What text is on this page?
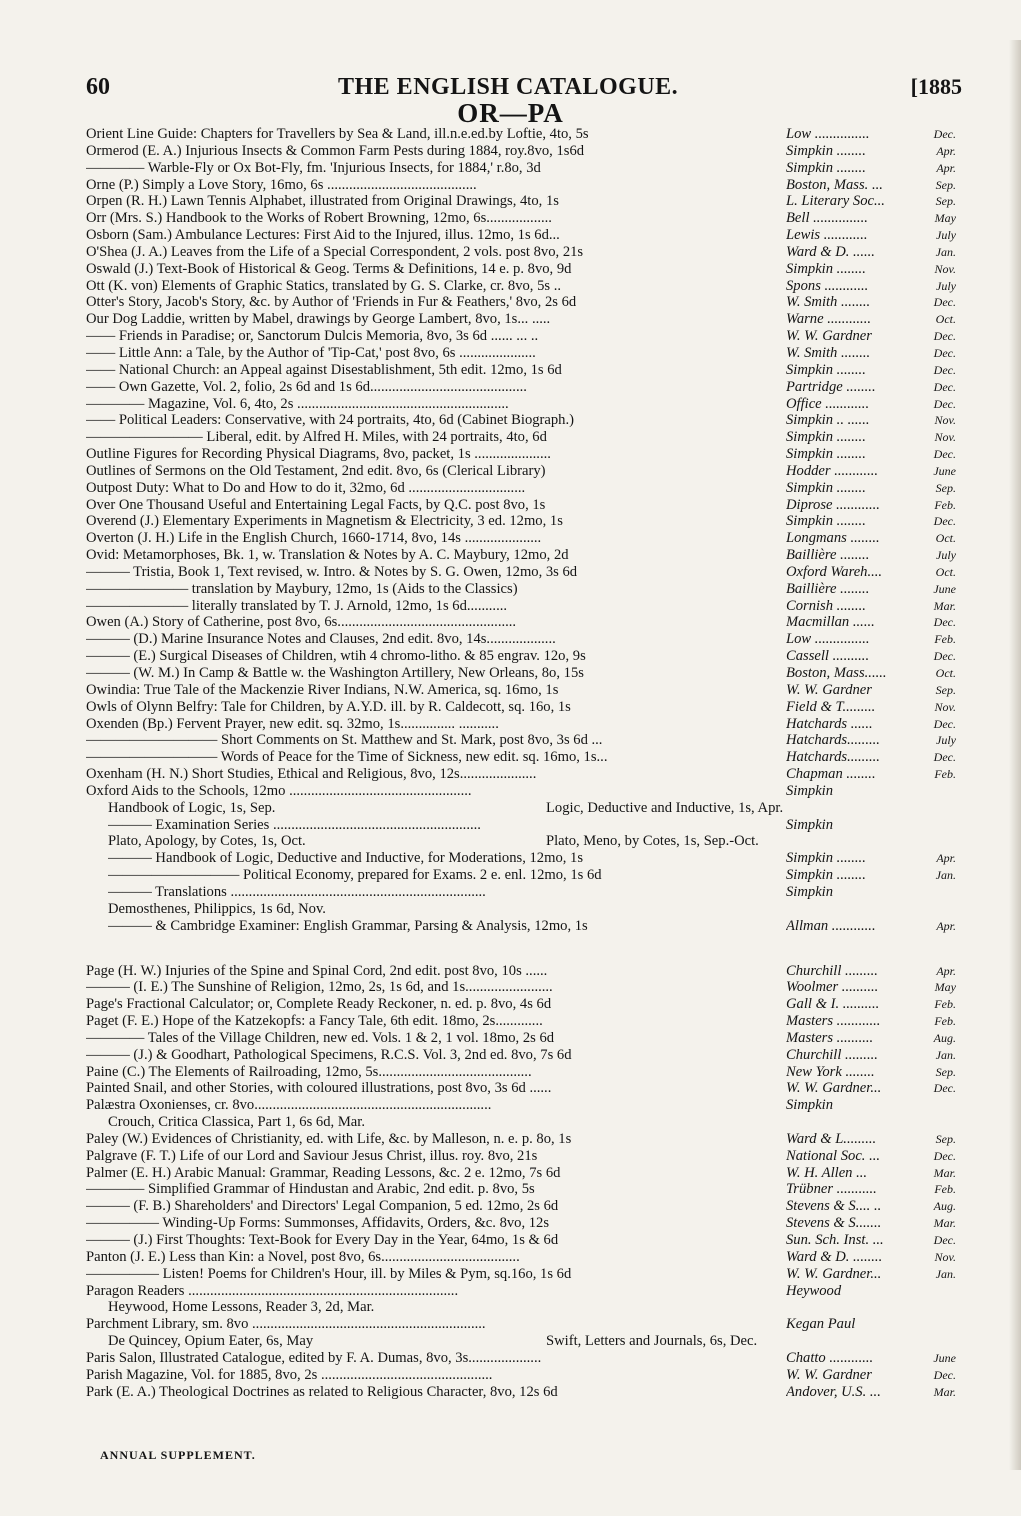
60	THE ENGLISH CATALOGUE.	[1885
OR—PA
Orient Line Guide: Chapters for Travellers by Sea & Land, ill.n.e.ed.by Loftie, 4to, 5s	Low ...............	Dec.
Ormerod (E. A.) Injurious Insects & Common Farm Pests during 1884, roy.8vo, 1s6d	Simpkin ........	Apr.
———— Warble-Fly or Ox Bot-Fly, fm. 'Injurious Insects, for 1884,' r.8o, 3d	Simpkin ........	Apr.
Orne (P.) Simply a Love Story, 16mo, 6s .........................................	Boston, Mass. ...	Sep.
Orpen (R. H.) Lawn Tennis Alphabet, illustrated from Original Drawings, 4to, 1s	L. Literary Soc...	Sep.
Orr (Mrs. S.) Handbook to the Works of Robert Browning, 12mo, 6s..................	Bell ...............	May
Osborn (Sam.) Ambulance Lectures: First Aid to the Injured, illus. 12mo, 1s 6d...	Lewis ............	July
O'Shea (J. A.) Leaves from the Life of a Special Correspondent, 2 vols. post 8vo, 21s	Ward & D. ......	Jan.
Oswald (J.) Text-Book of Historical & Geog. Terms & Definitions, 14 e. p. 8vo, 9d	Simpkin ........	Nov.
Ott (K. von) Elements of Graphic Statics, translated by G. S. Clarke, cr. 8vo, 5s ..	Spons ............	July
Otter's Story, Jacob's Story, &c. by Author of 'Friends in Fur & Feathers,' 8vo, 2s 6d	W. Smith ........	Dec.
Our Dog Laddie, written by Mabel, drawings by George Lambert, 8vo, 1s... .....	Warne ............	Oct.
—— Friends in Paradise; or, Sanctorum Dulcis Memoria, 8vo, 3s 6d ...... ... ..	W. W. Gardner	Dec.
—— Little Ann: a Tale, by the Author of 'Tip-Cat,' post 8vo, 6s .....................	W. Smith ........	Dec.
—— National Church: an Appeal against Disestablishment, 5th edit. 12mo, 1s 6d	Simpkin ........	Dec.
—— Own Gazette, Vol. 2, folio, 2s 6d and 1s 6d...........................................	Partridge ........	Dec.
———— Magazine, Vol. 6, 4to, 2s ..........................................................	Office ............	Dec.
—— Political Leaders: Conservative, with 24 portraits, 4to, 6d (Cabinet Biograph.)	Simpkin .. ......	Nov.
———————— Liberal, edit. by Alfred H. Miles, with 24 portraits, 4to, 6d	Simpkin ........	Nov.
Outline Figures for Recording Physical Diagrams, 8vo, packet, 1s .....................	Simpkin ........	Dec.
Outlines of Sermons on the Old Testament, 2nd edit. 8vo, 6s (Clerical Library)	Hodder ............	June
Outpost Duty: What to Do and How to do it, 32mo, 6d ................................	Simpkin ........	Sep.
Over One Thousand Useful and Entertaining Legal Facts, by Q.C. post 8vo, 1s	Diprose ............	Feb.
Overend (J.) Elementary Experiments in Magnetism & Electricity, 3 ed. 12mo, 1s	Simpkin ........	Dec.
Overton (J. H.) Life in the English Church, 1660-1714, 8vo, 14s .....................	Longmans ........	Oct.
Ovid: Metamorphoses, Bk. 1, w. Translation & Notes by A. C. Maybury, 12mo, 2d	Baillière ........	July
——— Tristia, Book 1, Text revised, w. Intro. & Notes by S. G. Owen, 12mo, 3s 6d	Oxford Wareh....	Oct.
——————— translation by Maybury, 12mo, 1s (Aids to the Classics)	Baillière ........	June
——————— literally translated by T. J. Arnold, 12mo, 1s 6d...........	Cornish ........	Mar.
Owen (A.) Story of Catherine, post 8vo, 6s.................................................	Macmillan ......	Dec.
——— (D.) Marine Insurance Notes and Clauses, 2nd edit. 8vo, 14s...................	Low ...............	Feb.
——— (E.) Surgical Diseases of Children, wtih 4 chromo-litho. & 85 engrav. 12o, 9s	Cassell ..........	Dec.
——— (W. M.) In Camp & Battle w. the Washington Artillery, New Orleans, 8o, 15s	Boston, Mass......	Oct.
Owindia: True Tale of the Mackenzie River Indians, N.W. America, sq. 16mo, 1s	W. W. Gardner	Sep.
Owls of Olynn Belfry: Tale for Children, by A.Y.D. ill. by R. Caldecott, sq. 16o, 1s	Field & T.........	Nov.
Oxenden (Bp.) Fervent Prayer, new edit. sq. 32mo, 1s............... ...........	Hatchards ......	Dec.
————————— Short Comments on St. Matthew and St. Mark, post 8vo, 3s 6d ...	Hatchards.........	July
————————— Words of Peace for the Time of Sickness, new edit. sq. 16mo, 1s...	Hatchards.........	Dec.
Oxenham (H. N.) Short Studies, Ethical and Religious, 8vo, 12s.....................	Chapman ........	Feb.
Oxford Aids to the Schools, 12mo ..................................................	Simpkin
Handbook of Logic, 1s, Sep.	Logic, Deductive and Inductive, 1s, Apr.
——— Examination Series .........................................................	Simpkin
Plato, Apology, by Cotes, 1s, Oct.	Plato, Meno, by Cotes, 1s, Sep.-Oct.
——— Handbook of Logic, Deductive and Inductive, for Moderations, 12mo, 1s	Simpkin ........	Apr.
————————— Political Economy, prepared for Exams. 2 e. enl. 12mo, 1s 6d	Simpkin ........	Jan.
——— Translations ......................................................................	Simpkin
Demosthenes, Philippics, 1s 6d, Nov.
——— & Cambridge Examiner: English Grammar, Parsing & Analysis, 12mo, 1s	Allman ............	Apr.
Page (H. W.) Injuries of the Spine and Spinal Cord, 2nd edit. post 8vo, 10s ......	Churchill .........	Apr.
——— (I. E.) The Sunshine of Religion, 12mo, 2s, 1s 6d, and 1s........................	Woolmer ..........	May
Page's Fractional Calculator; or, Complete Ready Reckoner, n. ed. p. 8vo, 4s 6d	Gall & I. ..........	Feb.
Paget (F. E.) Hope of the Katzekopfs: a Fancy Tale, 6th edit. 18mo, 2s.............	Masters ............	Feb.
———— Tales of the Village Children, new ed. Vols. 1 & 2, 1 vol. 18mo, 2s 6d	Masters ..........	Aug.
——— (J.) & Goodhart, Pathological Specimens, R.C.S. Vol. 3, 2nd ed. 8vo, 7s 6d	Churchill .........	Jan.
Paine (C.) The Elements of Railroading, 12mo, 5s..........................................	New York ........	Sep.
Painted Snail, and other Stories, with coloured illustrations, post 8vo, 3s 6d ......	W. W. Gardner...	Dec.
Palæstra Oxonienses, cr. 8vo.................................................................	Simpkin
Crouch, Critica Classica, Part 1, 6s 6d, Mar.
Paley (W.) Evidences of Christianity, ed. with Life, &c. by Malleson, n. e. p. 8o, 1s	Ward & L.........	Sep.
Palgrave (F. T.) Life of our Lord and Saviour Jesus Christ, illus. roy. 8vo, 21s	National Soc. ...	Dec.
Palmer (E. H.) Arabic Manual: Grammar, Reading Lessons, &c. 2 e. 12mo, 7s 6d	W. H. Allen ...	Mar.
———— Simplified Grammar of Hindustan and Arabic, 2nd edit. p. 8vo, 5s	Trübner ...........	Feb.
——— (F. B.) Shareholders' and Directors' Legal Companion, 5 ed. 12mo, 2s 6d	Stevens & S.... ..	Aug.
————— Winding-Up Forms: Summonses, Affidavits, Orders, &c. 8vo, 12s	Stevens & S.......	Mar.
——— (J.) First Thoughts: Text-Book for Every Day in the Year, 64mo, 1s & 6d	Sun. Sch. Inst. ...	Dec.
Panton (J. E.) Less than Kin: a Novel, post 8vo, 6s......................................	Ward & D. ........	Nov.
————— Listen! Poems for Children's Hour, ill. by Miles & Pym, sq.16o, 1s 6d	W. W. Gardner...	Jan.
Paragon Readers ..........................................................................	Heywood
Heywood, Home Lessons, Reader 3, 2d, Mar.
Parchment Library, sm. 8vo ................................................................	Kegan Paul
De Quincey, Opium Eater, 6s, May	Swift, Letters and Journals, 6s, Dec.
Paris Salon, Illustrated Catalogue, edited by F. A. Dumas, 8vo, 3s....................	Chatto ............	June
Parish Magazine, Vol. for 1885, 8vo, 2s ...............................................	W. W. Gardner	Dec.
Park (E. A.) Theological Doctrines as related to Religious Character, 8vo, 12s 6d	Andover, U.S. ...	Mar.
ANNUAL SUPPLEMENT.
